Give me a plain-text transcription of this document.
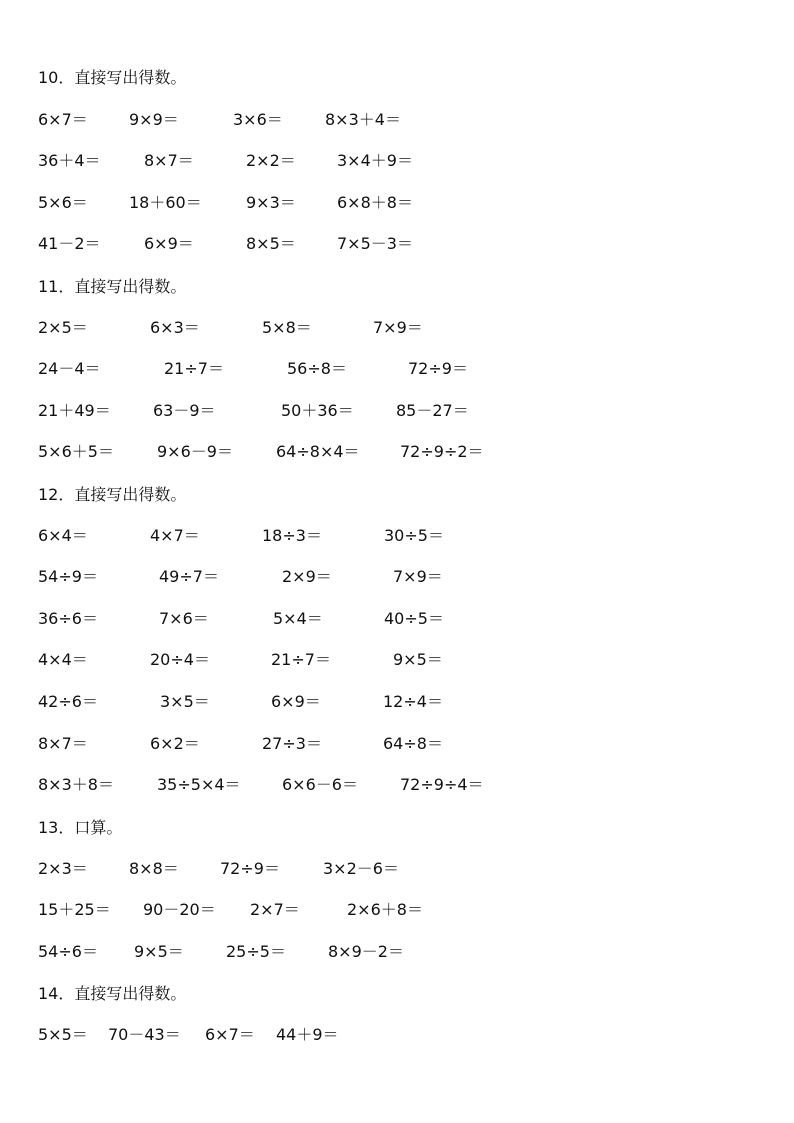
10．直接写出得数。
6×7＝	9×9＝	3×6＝	8×3＋4＝
36＋4＝	8×7＝	2×2＝	3×4＋9＝
5×6＝	18＋60＝	9×3＝	6×8＋8＝
41－2＝	6×9＝	8×5＝	7×5－3＝
11．直接写出得数。
2×5＝	6×3＝	5×8＝	7×9＝
24－4＝	21÷7＝	56÷8＝	72÷9＝
21＋49＝	63－9＝	50＋36＝	85－27＝
5×6＋5＝	9×6－9＝	64÷8×4＝	72÷9÷2＝
12．直接写出得数。
6×4＝	4×7＝	18÷3＝	30÷5＝
54÷9＝	49÷7＝	2×9＝	7×9＝
36÷6＝	7×6＝	5×4＝	40÷5＝
4×4＝	20÷4＝	21÷7＝	9×5＝
42÷6＝	3×5＝	6×9＝	12÷4＝
8×7＝	6×2＝	27÷3＝	64÷8＝
8×3＋8＝	35÷5×4＝	6×6－6＝	72÷9÷4＝
13．口算。
2×3＝	8×8＝	72÷9＝	3×2－6＝
15＋25＝ 90－20＝ 2×7＝	2×6＋8＝
54÷6＝ 9×5＝	25÷5＝	8×9－2＝
14．直接写出得数。
5×5＝ 70－43＝ 6×7＝ 44＋9＝
